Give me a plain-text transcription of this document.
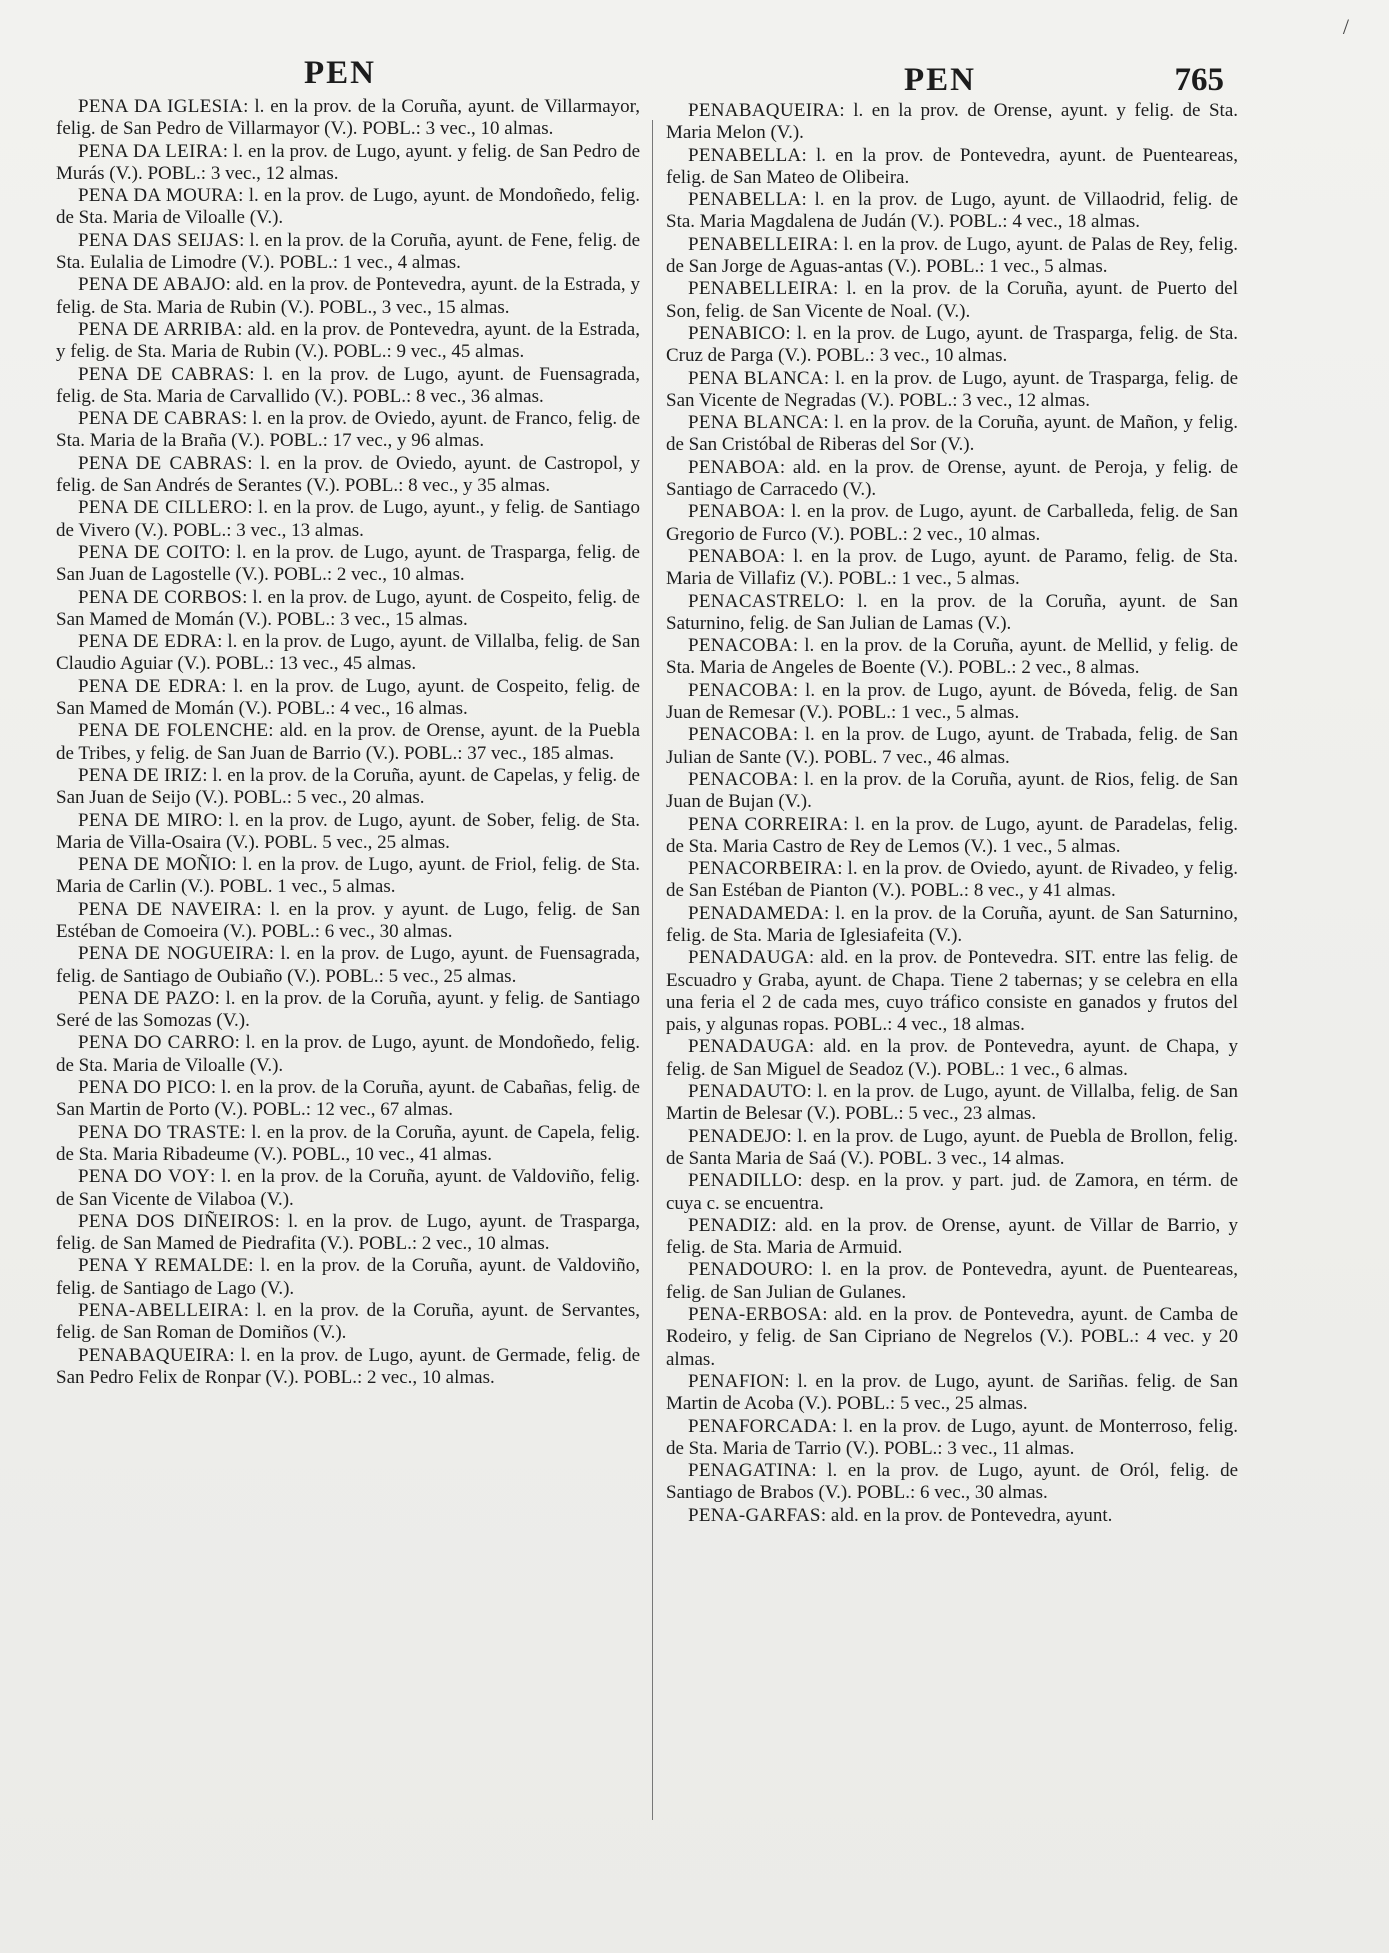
/
PEN	PEN	765

PENA DA IGLESIA: l. en la prov. de la Coruña, ayunt. de Villarmayor, felig. de San Pedro de Villarmayor (V.). POBL.: 3 vec., 10 almas.

PENA DA LEIRA: l. en la prov. de Lugo, ayunt. y felig. de San Pedro de Murás (V.). POBL.: 3 vec., 12 almas.

PENA DA MOURA: l. en la prov. de Lugo, ayunt. de Mondoñedo, felig. de Sta. Maria de Viloalle (V.).

PENA DAS SEIJAS: l. en la prov. de la Coruña, ayunt. de Fene, felig. de Sta. Eulalia de Limodre (V.). POBL.: 1 vec., 4 almas.

PENA DE ABAJO: ald. en la prov. de Pontevedra, ayunt. de la Estrada, y felig. de Sta. Maria de Rubin (V.). POBL., 3 vec., 15 almas.

PENA DE ARRIBA: ald. en la prov. de Pontevedra, ayunt. de la Estrada, y felig. de Sta. Maria de Rubin (V.). POBL.: 9 vec., 45 almas.

PENA DE CABRAS: l. en la prov. de Lugo, ayunt. de Fuensagrada, felig. de Sta. Maria de Carvallido (V.). POBL.: 8 vec., 36 almas.

PENA DE CABRAS: l. en la prov. de Oviedo, ayunt. de Franco, felig. de Sta. Maria de la Braña (V.). POBL.: 17 vec., y 96 almas.

PENA DE CABRAS: l. en la prov. de Oviedo, ayunt. de Castropol, y felig. de San Andrés de Serantes (V.). POBL.: 8 vec., y 35 almas.

PENA DE CILLERO: l. en la prov. de Lugo, ayunt., y felig. de Santiago de Vivero (V.). POBL.: 3 vec., 13 almas.

PENA DE COITO: l. en la prov. de Lugo, ayunt. de Trasparga, felig. de San Juan de Lagostelle (V.). POBL.: 2 vec., 10 almas.

PENA DE CORBOS: l. en la prov. de Lugo, ayunt. de Cospeito, felig. de San Mamed de Momán (V.). POBL.: 3 vec., 15 almas.

PENA DE EDRA: l. en la prov. de Lugo, ayunt. de Villalba, felig. de San Claudio Aguiar (V.). POBL.: 13 vec., 45 almas.

PENA DE EDRA: l. en la prov. de Lugo, ayunt. de Cospeito, felig. de San Mamed de Momán (V.). POBL.: 4 vec., 16 almas.

PENA DE FOLENCHE: ald. en la prov. de Orense, ayunt. de la Puebla de Tribes, y felig. de San Juan de Barrio (V.). POBL.: 37 vec., 185 almas.

PENA DE IRIZ: l. en la prov. de la Coruña, ayunt. de Capelas, y felig. de San Juan de Seijo (V.). POBL.: 5 vec., 20 almas.

PENA DE MIRO: l. en la prov. de Lugo, ayunt. de Sober, felig. de Sta. Maria de Villa-Osaira (V.). POBL. 5 vec., 25 almas.

PENA DE MOÑIO: l. en la prov. de Lugo, ayunt. de Friol, felig. de Sta. Maria de Carlin (V.). POBL. 1 vec., 5 almas.

PENA DE NAVEIRA: l. en la prov. y ayunt. de Lugo, felig. de San Estéban de Comoeira (V.). POBL.: 6 vec., 30 almas.

PENA DE NOGUEIRA: l. en la prov. de Lugo, ayunt. de Fuensagrada, felig. de Santiago de Oubiaño (V.). POBL.: 5 vec., 25 almas.

PENA DE PAZO: l. en la prov. de la Coruña, ayunt. y felig. de Santiago Seré de las Somozas (V.).

PENA DO CARRO: l. en la prov. de Lugo, ayunt. de Mondoñedo, felig. de Sta. Maria de Viloalle (V.).

PENA DO PICO: l. en la prov. de la Coruña, ayunt. de Cabañas, felig. de San Martin de Porto (V.). POBL.: 12 vec., 67 almas.

PENA DO TRASTE: l. en la prov. de la Coruña, ayunt. de Capela, felig. de Sta. Maria Ribadeume (V.). POBL., 10 vec., 41 almas.

PENA DO VOY: l. en la prov. de la Coruña, ayunt. de Valdoviño, felig. de San Vicente de Vilaboa (V.).

PENA DOS DIÑEIROS: l. en la prov. de Lugo, ayunt. de Trasparga, felig. de San Mamed de Piedrafita (V.). POBL.: 2 vec., 10 almas.

PENA Y REMALDE: l. en la prov. de la Coruña, ayunt. de Valdoviño, felig. de Santiago de Lago (V.).

PENA-ABELLEIRA: l. en la prov. de la Coruña, ayunt. de Servantes, felig. de San Roman de Domiños (V.).

PENABAQUEIRA: l. en la prov. de Lugo, ayunt. de Germade, felig. de San Pedro Felix de Ronpar (V.). POBL.: 2 vec., 10 almas.

PENABAQUEIRA: l. en la prov. de Orense, ayunt. y felig. de Sta. Maria Melon (V.).

PENABELLA: l. en la prov. de Pontevedra, ayunt. de Puenteareas, felig. de San Mateo de Olibeira.

PENABELLA: l. en la prov. de Lugo, ayunt. de Villaodrid, felig. de Sta. Maria Magdalena de Judán (V.). POBL.: 4 vec., 18 almas.

PENABELLEIRA: l. en la prov. de Lugo, ayunt. de Palas de Rey, felig. de San Jorge de Aguas-antas (V.). POBL.: 1 vec., 5 almas.

PENABELLEIRA: l. en la prov. de la Coruña, ayunt. de Puerto del Son, felig. de San Vicente de Noal. (V.).

PENABICO: l. en la prov. de Lugo, ayunt. de Trasparga, felig. de Sta. Cruz de Parga (V.). POBL.: 3 vec., 10 almas.

PENA BLANCA: l. en la prov. de Lugo, ayunt. de Trasparga, felig. de San Vicente de Negradas (V.). POBL.: 3 vec., 12 almas.

PENA BLANCA: l. en la prov. de la Coruña, ayunt. de Mañon, y felig. de San Cristóbal de Riberas del Sor (V.).

PENABOA: ald. en la prov. de Orense, ayunt. de Peroja, y felig. de Santiago de Carracedo (V.).

PENABOA: l. en la prov. de Lugo, ayunt. de Carballeda, felig. de San Gregorio de Furco (V.). POBL.: 2 vec., 10 almas.

PENABOA: l. en la prov. de Lugo, ayunt. de Paramo, felig. de Sta. Maria de Villafiz (V.). POBL.: 1 vec., 5 almas.

PENACASTRELO: l. en la prov. de la Coruña, ayunt. de San Saturnino, felig. de San Julian de Lamas (V.).

PENACOBA: l. en la prov. de la Coruña, ayunt. de Mellid, y felig. de Sta. Maria de Angeles de Boente (V.). POBL.: 2 vec., 8 almas.

PENACOBA: l. en la prov. de Lugo, ayunt. de Bóveda, felig. de San Juan de Remesar (V.). POBL.: 1 vec., 5 almas.

PENACOBA: l. en la prov. de Lugo, ayunt. de Trabada, felig. de San Julian de Sante (V.). POBL. 7 vec., 46 almas.

PENACOBA: l. en la prov. de la Coruña, ayunt. de Rios, felig. de San Juan de Bujan (V.).

PENA CORREIRA: l. en la prov. de Lugo, ayunt. de Paradelas, felig. de Sta. Maria Castro de Rey de Lemos (V.). 1 vec., 5 almas.

PENACORBEIRA: l. en la prov. de Oviedo, ayunt. de Rivadeo, y felig. de San Estéban de Pianton (V.). POBL.: 8 vec., y 41 almas.

PENADAMEDA: l. en la prov. de la Coruña, ayunt. de San Saturnino, felig. de Sta. Maria de Iglesiafeita (V.).

PENADAUGA: ald. en la prov. de Pontevedra. SIT. entre las felig. de Escuadro y Graba, ayunt. de Chapa. Tiene 2 tabernas; y se celebra en ella una feria el 2 de cada mes, cuyo tráfico consiste en ganados y frutos del pais, y algunas ropas. POBL.: 4 vec., 18 almas.

PENADAUGA: ald. en la prov. de Pontevedra, ayunt. de Chapa, y felig. de San Miguel de Seadoz (V.). POBL.: 1 vec., 6 almas.

PENADAUTO: l. en la prov. de Lugo, ayunt. de Villalba, felig. de San Martin de Belesar (V.). POBL.: 5 vec., 23 almas.

PENADEJO: l. en la prov. de Lugo, ayunt. de Puebla de Brollon, felig. de Santa Maria de Saá (V.). POBL. 3 vec., 14 almas.

PENADILLO: desp. en la prov. y part. jud. de Zamora, en térm. de cuya c. se encuentra.

PENADIZ: ald. en la prov. de Orense, ayunt. de Villar de Barrio, y felig. de Sta. Maria de Armuid.

PENADOURO: l. en la prov. de Pontevedra, ayunt. de Puenteareas, felig. de San Julian de Gulanes.

PENA-ERBOSA: ald. en la prov. de Pontevedra, ayunt. de Camba de Rodeiro, y felig. de San Cipriano de Negrelos (V.). POBL.: 4 vec. y 20 almas.

PENAFION: l. en la prov. de Lugo, ayunt. de Sariñas. felig. de San Martin de Acoba (V.). POBL.: 5 vec., 25 almas.

PENAFORCADA: l. en la prov. de Lugo, ayunt. de Monterroso, felig. de Sta. Maria de Tarrio (V.). POBL.: 3 vec., 11 almas.

PENAGATINA: l. en la prov. de Lugo, ayunt. de Oról, felig. de Santiago de Brabos (V.). POBL.: 6 vec., 30 almas.

PENA-GARFAS: ald. en la prov. de Pontevedra, ayunt.
